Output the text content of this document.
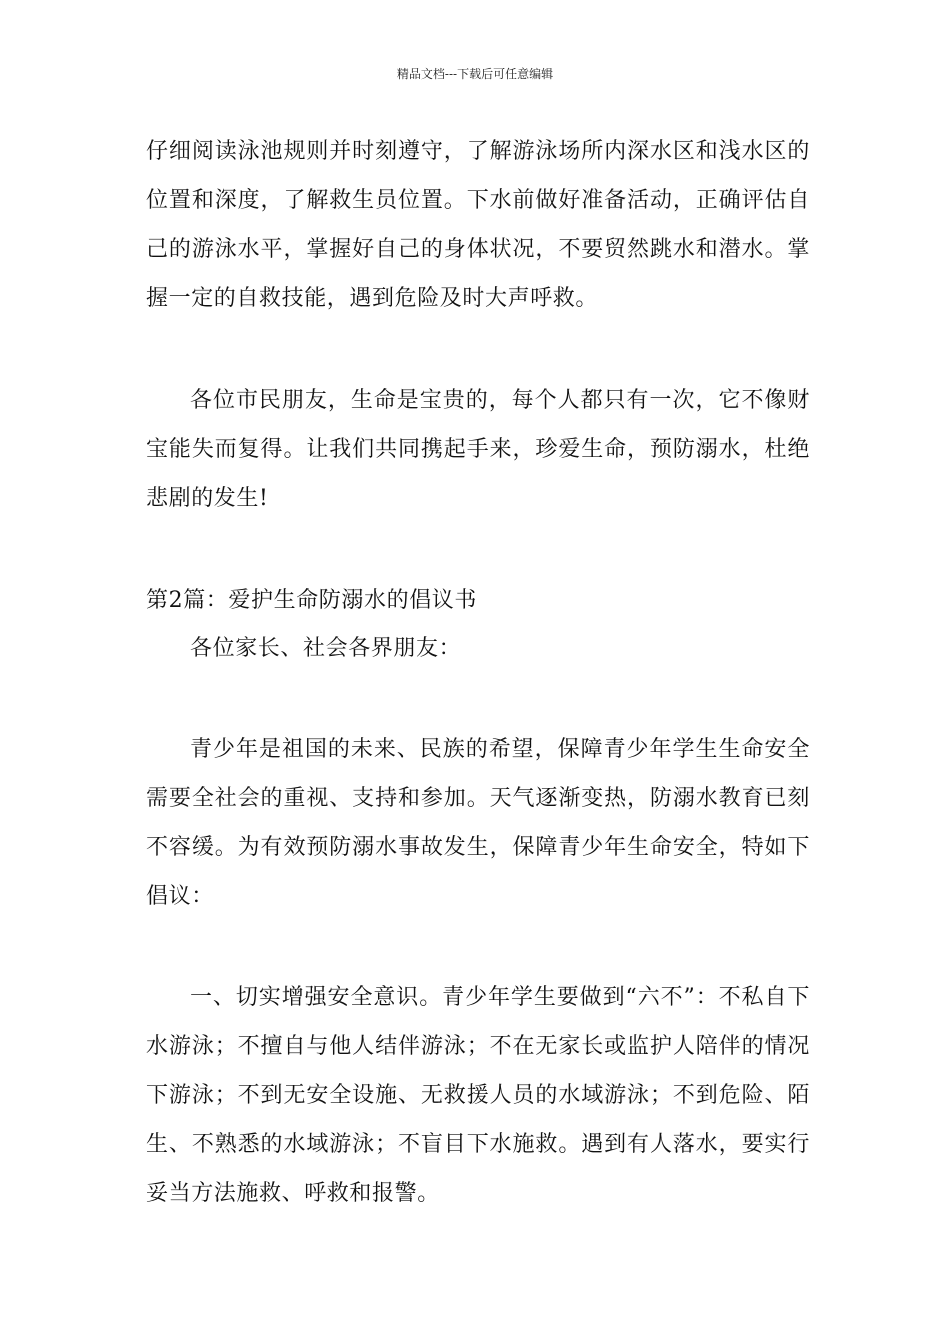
精品文档---下载后可任意编辑

仔细阅读泳池规则并时刻遵守，了解游泳场所内深水区和浅水区的位置和深度，了解救生员位置。下水前做好准备活动，正确评估自己的游泳水平，掌握好自己的身体状况，不要贸然跳水和潜水。掌握一定的自救技能，遇到危险及时大声呼救。

各位市民朋友，生命是宝贵的，每个人都只有一次，它不像财宝能失而复得。让我们共同携起手来，珍爱生命，预防溺水，杜绝悲剧的发生!

第2篇：爱护生命防溺水的倡议书

各位家长、社会各界朋友：

青少年是祖国的未来、民族的希望，保障青少年学生生命安全需要全社会的重视、支持和参加。天气逐渐变热，防溺水教育已刻不容缓。为有效预防溺水事故发生，保障青少年生命安全，特如下倡议：

一、切实增强安全意识。青少年学生要做到“六不”：不私自下水游泳；不擅自与他人结伴游泳；不在无家长或监护人陪伴的情况下游泳；不到无安全设施、无救援人员的水域游泳；不到危险、陌生、不熟悉的水域游泳；不盲目下水施救。遇到有人落水，要实行妥当方法施救、呼救和报警。
